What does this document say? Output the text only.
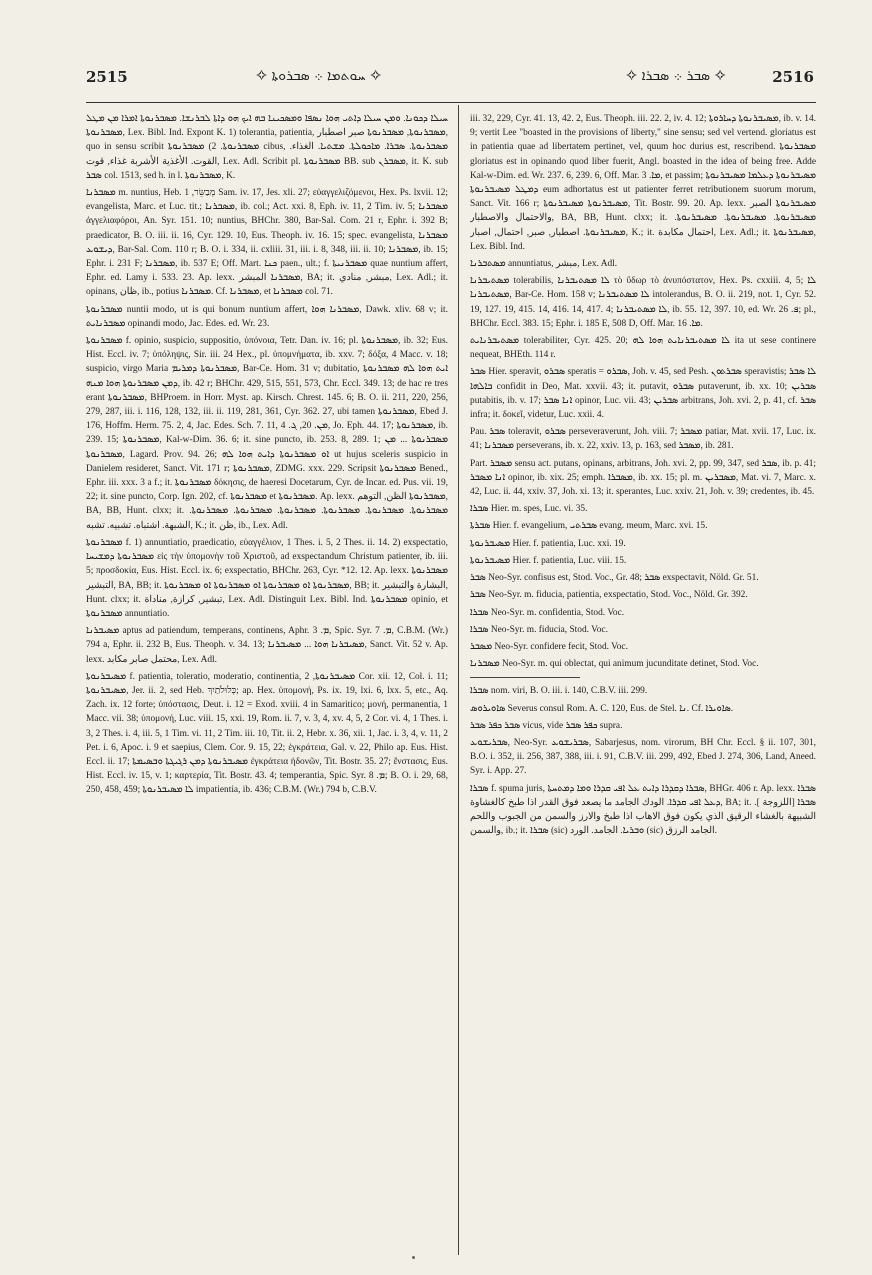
2515	✧ ܚܘܬܡܐ ܀ ܣܒܪܘܬܐ ✧	✧ ܣܒܪ ܀ ܣܒܪܐ ✧	2516

ܚܝܠܐ ܕܟܘܢܐ. ܘܡܢ ܚܝܠܐ ܕܐܬܝ ܗܘܐ ܢܣܦܐ ܘܡܣܟܝܢܐ ܒܗ ܐܝܟ ܗܘ ܕܐܬܐ ܠܒܪܢܫܐ. ܡܣܒܪܢܘܬܐ ܐܡܪܐ ܡܢ ܡܛܠ ܡܣܒܪܢܘܬܐ, Lex. Bibl. Ind. Expont K. 1) tolerantia, patientia, ܡܣܒܪܢܘܬܐ, ܡܣܒܪܢܘܬܐ صبر اصطبار, quo in sensu scribit ܡܣܒܪܢܘܬܐ. 2) ܡܣܒܪܢܘܬܐ cibus, ܡܣܒܪܢܘܬܐ. ܣܒܪܐ. ܡܐܟܘܠܬܐ. ܡܫܬܝܐ. الغذاء. القوت. الأغذية الأشربة غذاء, قوت, Lex. Adl. Scribit pl. ܡܣܒܪܢܘܬܐ BB. sub ܡܣܒܪܢ, it. K. sub ܣܒܪ col. 1513, sed h. in l. ܡܣܒܪܢܘܬܐ, K.

ܡܣܒܪܢܐ m. nuntius, Heb. מְבַשֵּׂר, 1 Sam. iv. 17, Jes. xli. 27; εὐαγγελιζόμενοι, Hex. Ps. lxvii. 12; evangelista, Marc. et Luc. tit.; ܡܣܒܪܢܐ, ib. col.; Act. xxi. 8, Eph. iv. 11, 2 Tim. iv. 5; ܡܣܒܪܢܐ ἀγγελιαφόροι, An. Syr. 151. 10; nuntius, BHChr. 380, Bar-Sal. Com. 21 r, Ephr. i. 392 B; praedicator, B. O. iii. ii. 16, Cyr. 129. 10, Eus. Theoph. iv. 16. 15; spec. evangelista, ܡܣܒܪܢܐ ܕܝܫܘܥ, Bar-Sal. Com. 110 r; B. O. i. 334, ii. cxliii. 31, iii. i. 8, 348, iii. ii. 10; ܡܣܒܪܢܐ, ib. 15; Ephr. i. 231 F; ܡܣܒܪܢܐ, ib. 537 E; Off. Mart. ܟܢܐ paen., ult.; f. ܡܣܒܪܢܝܬܐ quae nuntium affert, Ephr. ed. Lamy i. 533. 23. Ap. lexx. ܡܣܒܪܢܐ المبشر, BA; it. مبشر, منادي, Lex. Adl.; it. opinans, ظان, ib., potius ܡܣܒܪܢܐ. Cf. ܡܣܒܪܢܐ, et ܡܣܒܪܢܐ col. 71.

ܡܣܒܪܢܘܬܐ nuntii modo, ut is qui bonum nuntium affert, ܡܣܒܪܢܐ ܗܘܐ, Dawk. xliv. 68 v; it. ܡܣܒܪܢܐܝܬ opinandi modo, Jac. Edes. ed. Wr. 23.

ܡܣܒܪܢܘܬܐ f. opinio, suspicio, suppositio, ὑπόνοια, Tetr. Dan. iv. 16; pl. ܡܣܒܪܢܘܬܐ, ib. 32; Eus. Hist. Eccl. iv. 7; ὑπόληψις, Sir. iii. 24 Hex., pl. ὑπομνήματα, ib. xxv. 7; δόξα, 4 Macc. v. 18; suspicio, virgo Maria ܡܣܒܪܢܘܬܐ ܕܡܪܝܡ, Bar-Ce. Hom. 31 v; dubitatio, ܐܝܬ ܗܘܐ ܠܗ ܡܣܒܪܢܘܬܐ ܕܡܢ ܡܣܒܪܢܘܬܐ ܗܘܐ ܡܢܗ, ib. 42 r; BHChr. 429, 515, 551, 573, Chr. Eccl. 349. 13; de hac re tres erant ܡܣܒܪܢܘܬܐ, BHProem. in Horr. Myst. ap. Kirsch. Chrest. 145. 6; B. O. ii. 211, 220, 256, 279, 287, iii. i. 116, 128, 132, iii. ii. 119, 281, 361, Cyr. 362. 27, ubi tamen ܡܣܒܪܢܘܬܐ, Ebed J. 176, Hoffm. Herm. 75. 2, 4, Jac. Edes. Sch. 7. 11, ܡܢ. 20, ܓ. 4, Jo. Eph. 44. 17; ܡܣܒܪܢܘܬܐ, ib. 239. 15; ܡܣܒܪܢܘܬܐ, Kal-w-Dim. 36. 6; it. sine puncto, ib. 253. 8, 289. 1; ܡܣܒܪܢܘܬܐ ... ܡܢ ܡܣܒܪܢܘܬܐ, Lagard. Prov. 94. 26; ܐܘ ܡܣܒܪܢܘܬܐ ܕܐܝܬ ܗܘܐ ܠܗ ut hujus sceleris suspicio in Danielem resideret, Sanct. Vit. 171 r; ܡܣܒܪܢܘܬܐ, ZDMG. xxx. 229. Scripsit ܡܣܒܪܢܘܬܐ Bened., Ephr. iii. xxx. 3 a f.; it. ܡܣܒܪܢܘܬܐ δόκησις, de haeresi Docetarum, Cyr. de Incar. ed. Pus. vii. 19, 22; it. sine puncto, Corp. Ign. 202, cf. ܡܣܒܪܢܘܬܐ et ܡܣܒܪܢܘܬܐ. Ap. lexx. ܡܣܒܪܢܘܬܐ الظن, التوهم, BA, BB, Hunt. clxx; it. ܡܣܒܪܢܘܬܐ. ܡܣܒܪܢܘܬܐ. ܡܣܒܪܢܘܬܐ. ܡܣܒܪܢܘܬܐ. ܡܣܒܪܢܘܬܐ. ܡܣܒܪܢܘܬܐ. الشبهة. اشتباه. تشبيه. تشبه, K.; it. ظن, ib., Lex. Adl.

ܡܣܒܪܢܘܬܐ f. 1) annuntiatio, praedicatio, εὐαγγέλιον, 1 Thes. i. 5, 2 Thes. ii. 14. 2) exspectatio, ܡܣܒܪܢܘܬܐ ܕܡܫܝܚܐ εἰς τὴν ὑπομονὴν τοῦ Χριστοῦ, ad exspectandum Christum patienter, ib. iii. 5; προσδοκία, Eus. Hist. Eccl. ix. 6; exspectatio, BHChr. 263, Cyr. *12. 12. Ap. lexx. ܡܣܒܪܢܘܬܐ التبشير, BA, BB; it. ܡܣܒܪܢܘܬܐ ܐܘ ܡܣܒܪܢܘܬܐ ܐܘ ܡܣܒܪܢܘܬܐ ܐܘ ܡܣܒܪܢܘܬܐ, BB; it. البشارة والتبشير, Hunt. clxx; it. تبشير, كرازة, مناداة, Lex. Adl. Distinguit Lex. Bibl. Ind. ܡܣܒܪܢܘܬܐ opinio, et ܡܣܒܪܢܘܬܐ annuntiatio.

ܡܣܝܒܪܢܐ aptus ad patiendum, temperans, continens, Aphr. ܡ. 3, Spic. Syr. ܡ. 7, C.B.M. (Wr.) 794 a, Ephr. ii. 232 B, Eus. Theoph. v. 34. 13; ܡܣܝܒܪܢܐ ܗܘܐ ... ܡܣܝܒܪܢܐ, Sanct. Vit. 52 v. Ap. lexx. محتمل صابر مكابد, Lex. Adl.

ܡܣܝܒܪܢܘܬܐ f. patientia, toleratio, moderatio, continentia, ܡܣܝܒܪܢܘܬܐ, 2 Cor. xii. 12, Col. i. 11; ܡܣܝܒܪܢܘܬܐ, Jer. ii. 2, sed Heb. כְּלוּלֹתַיִךְ; ap. Hex. ὑπομονή, Ps. ix. 19, lxi. 6, lxx. 5, etc., Aq. Zach. ix. 12 forte; ὑπόστασις, Deut. i. 12 = Exod. xviii. 4 in Samaritico; μονή, permanentia, 1 Macc. vii. 38; ὑπομονή, Luc. viii. 15, xxi. 19, Rom. ii. 7, v. 3, 4, xv. 4, 5, 2 Cor. vi. 4, 1 Thes. i. 3, 2 Thes. i. 4, iii. 5, 1 Tim. vi. 11, 2 Tim. iii. 10, Tit. ii. 2, Hebr. x. 36, xii. 1, Jac. i. 3, 4, v. 11, 2 Pet. i. 6, Apoc. i. 9 et saepius, Clem. Cor. 9. 15, 22; ἐγκράτεια, Gal. v. 22, Philo ap. Eus. Hist. Eccl. ii. 17; ܡܣܝܒܪܢܘܬܐ ܕܡܢ ܪܓܝܓܬܐ ܘܒܣܝܡܬܐ ἐγκράτεια ἡδονῶν, Tit. Bostr. 35. 27; ἔνστασις, Eus. Hist. Eccl. iv. 15, v. 1; καρτερία, Tit. Bostr. 43. 4; temperantia, Spic. Syr. ܡ. 8; B. O. i. 29, 68, 250, 458, 459; ܠܐ ܡܣܝܒܪܢܘܬܐ impatientia, ib. 436; C.B.M. (Wr.) 794 b, C.B.V.

iii. 32, 229, Cyr. 41. 13, 42. 2, Eus. Theoph. iii. 22. 2, iv. 4. 12; ܡܣܝܒܪܢܘܬܐ ܕܚܐܪܘܬܐ, ib. v. 14. 9; vertit Lee "boasted in the provisions of liberty," sine sensu; sed vel vertend. gloriatus est in patientia quae ad libertatem pertinet, vel, quum hoc durius est, rescribend. ܡܣܒܪܢܘܬܐ gloriatus est in opinando quod liber fuerit, Angl. boasted in the idea of being free. Adde Kal-w-Dim. ed. Wr. 237. 6, 239. 6, Off. Mar. ܡܐ. 3, et passim; ܡܣܝܒܪܢܘܬܐ ܕܥܠܡܐ ܡܣܝܒܪܢܘܬܐ ܕܡܛܠ ܡܣܝܒܪܢܘܬܐ eum adhortatus est ut patienter ferret retributionem suorum morum, Sanct. Vit. 166 r; ܡܣܝܒܪܢܘܬܐ ܡܣܝܒܪܢܘܬܐ, Tit. Bostr. 99. 20. Ap. lexx. ܡܣܝܒܪܢܘܬܐ الصبر والاحتمال والاصطبار, BA, BB, Hunt. clxx; it. ܡܣܝܒܪܢܘܬܐ. ܡܣܝܒܪܢܘܬܐ. ܡܣܝܒܪܢܘܬܐ. ܡܣܝܒܪܢܘܬܐ. اصطبار, صبر, احتمال, اصبار, K.; it. احتمال مكابدة, Lex. Adl.; it. ܡܣܝܒܪܢܘܬܐ, Lex. Bibl. Ind.

ܡܣܬܒܪܢܐ annuntiatus, مبشر, Lex. Adl.

ܡܣܬܝܒܪܢܐ tolerabilis, ܠܐ ܡܣܬܝܒܪܢܐ τὸ ὕδωρ τὸ ἀνυπόστατον, Hex. Ps. cxxiii. 4, 5; ܠܐ ܡܣܬܝܒܪܢܐ, Bar-Ce. Hom. 158 v; ܠܐ ܡܣܬܝܒܪܢܐ intolerandus, B. O. ii. 219, not. 1, Cyr. 52. 19, 127. 19, 415. 14, 416. 14, 417. 4; ܠܐ ܡܣܬܝܒܪܢܐ, ib. 55. 12, 397. 10, ed. Wr. ܦ. 26; pl., BHChr. Eccl. 383. 15; Ephr. i. 185 E, 508 D, Off. Mar. ܡܐ. 16.

ܡܣܬܝܒܪܢܐܝܬ tolerabiliter, Cyr. 425. 20; ܠܐ ܡܣܬܝܒܪܢܐܝܬ ܗܘܐ ܠܗ ita ut sese continere nequeat, BHEth. 114 r.

ܣܒܪ Hier. speravit, ܣܒܪܘ speratis = ܣܒܪܘ, Joh. v. 45, sed Pesh. ܣܒܪܬܘܢ speravistis; ܠܐ ܣܒܪ ܒܐܠܗܐ confidit in Deo, Mat. xxvii. 43; it. putavit, ܣܒܪܘ putaverunt, ib. xx. 10; ܣܒܪܝܢ putabitis, ib. v. 17; ܐܢܐ ܣܒܪ opinor, Luc. vii. 43; ܣܒܪܝܢ arbitrans, Joh. xvi. 2, p. 41, cf. ܣܒܪ infra; it. δοκεῖ, videtur, Luc. xxii. 4.

Pau. ܣܒܪ toleravit, ܣܒܪܘ perseveraverunt, Joh. viii. 7; ܡܣܒܪ patiar, Mat. xvii. 17, Luc. ix. 41; ܡܣܒܪܢܐ perseverans, ib. x. 22, xxiv. 13, p. 163, sed ܡܣܒܪ, ib. 281.

Part. ܡܣܒܪ sensu act. putans, opinans, arbitrans, Joh. xvi. 2, pp. 99, 347, sed ܣܒܪ, ib. p. 41; ܐܢܐ ܡܣܒܪ opinor, ib. xix. 25; emph. ܡܣܒܪܐ, ib. xx. 15; pl. m. ܡܣܒܪܝܢ, Mat. vi. 7, Marc. x. 42, Luc. ii. 44, xxiv. 37, Joh. xi. 13; it. sperantes, Luc. xxiv. 21, Joh. v. 39; credentes, ib. 45.

ܣܒܪܐ Hier. m. spes, Luc. vi. 35.

ܣܒܪܬܐ Hier. f. evangelium, ܣܒܪܬܝ evang. meum, Marc. xvi. 15.

ܡܣܝܒܪܢܘܬܐ Hier. f. patientia, Luc. xxi. 19.

ܡܣܝܒܪܢܘܬܐ Hier. f. patientia, Luc. viii. 15.

ܣܒܪ Neo-Syr. confisus est, Stod. Voc., Gr. 48; ܣܒܪ exspectavit, Nöld. Gr. 51.

ܣܒܪ Neo-Syr. m. fiducia, patientia, exspectatio, Stod. Voc., Nöld. Gr. 392.

ܣܒܪܐ Neo-Syr. m. confidentia, Stod. Voc.

ܣܒܪܐ Neo-Syr. m. fiducia, Stod. Voc.

ܡܣܒܪ Neo-Syr. confidere fecit, Stod. Voc.

ܡܣܒܪܢܐ Neo-Syr. m. qui oblectat, qui animum jucunditate detinet, Stod. Voc.

ܣܒܪܐ nom. viri, B. O. iii. i. 140, C.B.V. iii. 299.

ܣܐܘܝܪܘܣ Severus consul Rom. A. C. 120, Eus. de Stel. ܢܐ. Cf. ܣܐܘܝܪܐ.

ܣܒܪ ܟܦܪ ܣܒܪ vicus, vide ܟܦܪ ܣܒܪ supra.

ܣܒܪܝܫܘܥ, Neo-Syr. ܣܒܪܝܫܘܥ, Sabarjesus, nom. virorum, BH Chr. Eccl. § ii. 107, 301, B.O. i. 352, ii. 256, 387, 388, iii. i. 91, C.B.V. iii. 299, 492, Ebed J. 274, 306, Land, Aneed. Syr. i. App. 27.

ܣܒܪܐ f. spuma juris, ܣܒܪܐ ܕܩܕܪܐ ܕܐܝܬ ܥܠ ܐܦܝ ܩܕܪܐ ܘܡܐ ܕܡܬܚܬܐ, BHGr. 406 r. Ap. lexx. ܣܒܪܐ ܕܥܠ ܐܦܝ ܩܕܪܐ. الودك الجامد ما يصعد فوق القدر اذا طبخ كالغشاوة, BA; it. ܣܒܪܐ [اللزوجة ]. الشبيهة بالغشاء الرقيق الذي يكون فوق الاهاب اذا طبخ والارز والسمن من الجبوب واللحم والسمن, ib.; it. ܣܒܪܐ (sic) ܘܒܪܝܐ. الجامد. الورد (sic) الجامد الرزق.
